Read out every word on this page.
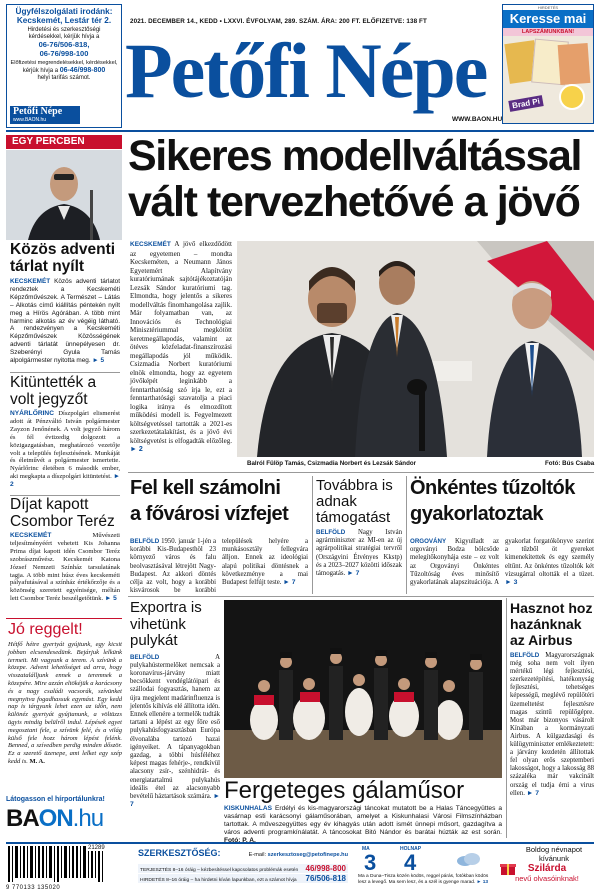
Ügyfélszolgálati irodánk: Kecskemét, Lestár tér 2.
Hirdetési és szerkesztőségi
kérdésekkel, kérjük hívja a
06-76/506-818,
06-76/998-100
Előfizetési megrendelésekkel, kérdésekkel,
kérjük hívja a 06-46/998-800
helyi tarifás számot.
Petőfi Népe
www.BAON.hu
2021. DECEMBER 14., KEDD • LXXVI. ÉVFOLYAM, 289. SZÁM. ÁRA: 200 FT. ELŐFIZETVE: 138 FT
Petőfi Népe
WWW.BAON.HU
HIRDETÉS
Keresse mai
LAPSZÁMUNKBAN!
Brad Pi
EGY PERCBEN
Közös adventi tárlat nyílt
KECSKEMÉT Közös adventi tárlatot rendeztek a Kecskeméti Képzőművészek. A Természet – Látás – Alkotás című kiállítás péntekén nyílt meg a Hírös Agórában. A több mint harminc alkotás az év végéig látható. A rendezvényen a Kecskeméti Képzőművészek Közösségének adventi tárlatát ünnepélyesen dr. Szeberényi Gyula Tamás alpolgármester nyitotta meg. ► 5
Kitüntették a volt jegyzőt
NYÁRLŐRINC Díszpolgári elismerést adott át Pénzváltó István polgármester Zayzon Jenőnének. A volt jegyző három és fél évtizedig dolgozott a közigazgatásban, meghatározó vezetője volt a település fejlesztésének. Munkáját és életművét a polgármester ismertette. Nyárlőrinc életében 6 második ember, aki megkapta a díszpolgári kitüntetést. ► 2
Díjat kapott Csombor Teréz
KECSKEMÉT	Művészeti teljesítményéért vehetett Kis Johanna Prima díjat kapott idén Csombor Teréz szobrászművész. Kecskemét Katona József Nemzeti Színház tarsulatának tagja. A több mint húsz éves kecskeméti pályafutásával a színház értékőrzője és a közönség szeretett egyénisége, méltán lett Csombor Teréz beszélgetőtünk. ► 5
Jó reggelt!
Hétfő hétre gyertyát gyújtunk, egy kicsit jobban elcsendesedünk. Bejárjuk lelkünk termeit. Mi vagyunk a terem. A szívünk a közepe. Advent lehetőséget ad arra, hogy visszatalálljunk ennek a teremnek a közepére. Mire azzán eltökéjük a karácsony és a nagy családi vacsorák, szívünket megnyitva fogadhassuk egymást. Egy kedd nap is tárgyunk lehet ezen az időn, nem különéz gyertyát gyújtanunk, a völtüzzs ügyis mindig belülről indul. Lépések egyet megosztani fele, a szívünk felé, és a világ külső fele hozz három lépést felénk. Benned, a szívedben perdig minden dőször. Ez a szerető üzenepe, ami lelket egy szép kedd is. M. A.
Látogasson el hírportálunkra!
BAON.hu
Sikeres modellváltással
vált tervezhetővé a jövő
KECSKEMÉT A jövő elkezdődött az egyetemen – mondta Kecskeméten, a Neumann János Egyetemért Alapítvány kuratóriumának sajtótájékoztatóján Lezsák Sándor kuratóriumi tag. Elmondta, hogy jelentős a sikeres modellváltás finomhangolása zajlik. Már folyamatban van, az Innovációs és Technológiai Minisztériummal megkötött keretmegállapodás, valamint az ötéves közfeladat-finanszírozási megállapodás jól működik. Csizmadia Norbert kuratóriumi elnök elmondta, hogy az egyetem jövőképét leginkább a fenntarthatóság szó írja le, ezt a fenntarthatósági szavatolja a piaci logika iránya és elmozdított működési modell is. Fegyelmezett költségvetéssel tartották a 2021-es szerkezetátalakítást, és a jövő évi költségvetést is elfogadták előzőleg. ► 2
Balról Fülöp Tamás, Csizmadia Norbert és Lezsák Sándor	Fotó: Bús Csaba
Fel kell számolni
a fővárosi vízfejet
BELFÖLD 1950. január 1-jén a korábbi Kis-Budapesthöl 23 környező város és falu beolvasztásával létrejött Nagy-Budapest. Az akkori döntés célja az volt, hogy a korábbi kisvárosok be korábbi települések helyére a munkásosztály fellegvára álljon. Ennek az ideológiai alapú politikai döntésnek a következménye a mai Budapest felfújt teste. ► 7
Továbbra is adnak támogatást
BELFÖLD Nagy István agrárminiszter az MI-en az új agrárpolitikai stratégiai tervről (Országvini Étvényes Kkstp) és a 2023–2027 közötti időszak támogatás. ► 7
Önkéntes tűzoltók
gyakorlatoztak
ORGOVÁNY Kigyulladt az orgoványi Bodza bölcsőde melegítőkonyhája este – ez volt az Orgoványi Önkéntes Tűzoltóság éves minősítő gyakorlatának alapszituációja. A gyakorlat forgatókönyve szerint a tűzből öt gyereket kimenekítettek és egy személy eltűnt. Az önkéntes tűzoltók két vízsugárral oltották el a tüzet. ► 3
Exportra is vihetünk pulykát
BELFÖLD	A pulykahústermelőket nemcsak a koronavírus-járvány miatt becsökkent vendéglátóipari és szállodai fogyasztás, hanem az újra megjelent madárinfluenza is jelentős kihívás elé állította idén. Ennek ellenére a termelők tudták tartani a lépést az egy főre eső pulykahúsfogyasztásban Európa élvonalába tartozó hazai igényeiket. A tápanyagokban gazdag, a többi húsféléhez képest magas fehérje-, rendkívül alacsony zsír-, szénhidrát- és energiatartalmú pulykahús ideális étel az alacsonyabb bevételű háztartások számára. ► 7
Fergeteges gálaműsor
KISKUNHALAS Erdélyi és kis-magyarországi táncokat mutatott be a Halas Táncegyüttes a vasárnap esti karácsonyi gálaműsorában, amelyet a Kiskunhalasi Városi Filmszínházban tartottak. A műveszegyüttes egy év kihagyás után adott ismét ünnepi műsort, gazdagítva a város adventi programkínálatát. A táncosokat Bitó Nándor és barátai húzták az est során. Fotó: P. A.
Hasznot hoz hazánknak az Airbus
BELFÖLD Magyarországnak még soha nem volt ilyen mértékű légi fejlesztési, szerkezetépítési, hatékonyság fejlesztési, tehetséges képességű, meglévő repülőtéri üzemeltetést fejlesztésre magas szintű repülőgépre. Most már bizonyos vásárolt Kínában a kormányzati Airbus. A külgazdasági és külügyminiszter emlékeztetett: a járvány kezdetén állítottak fel olyan erős szeptemberi lakosságot, hogy a lakosság 88 százaléka már vakcinált ország el tudja érni a virus ellen. ► 7
9 770133 135020
21289	SZERKESZTŐSÉG:	E-mail: szerkesztoseg@petofinepe.hu
TERJESZTÉS 8–16 óráig – kézbesítéssel kapcsolatos problémák esetén 46/998-800
HIRDETÉS 8–16 óráig – ha hirdetni kíván lapunkban, ezt a számot hívja 76/506-818
MA
3
HOLNAP
4
Ma a Duna–Tisza közén ködös, reggel párás, fotókban ködös lesz a levegő. Ma sem lesz, és a szél is gyenge marad. ► 13
Boldog névnapot kívánunk
Szilárda
nevű olvasóinknak!
